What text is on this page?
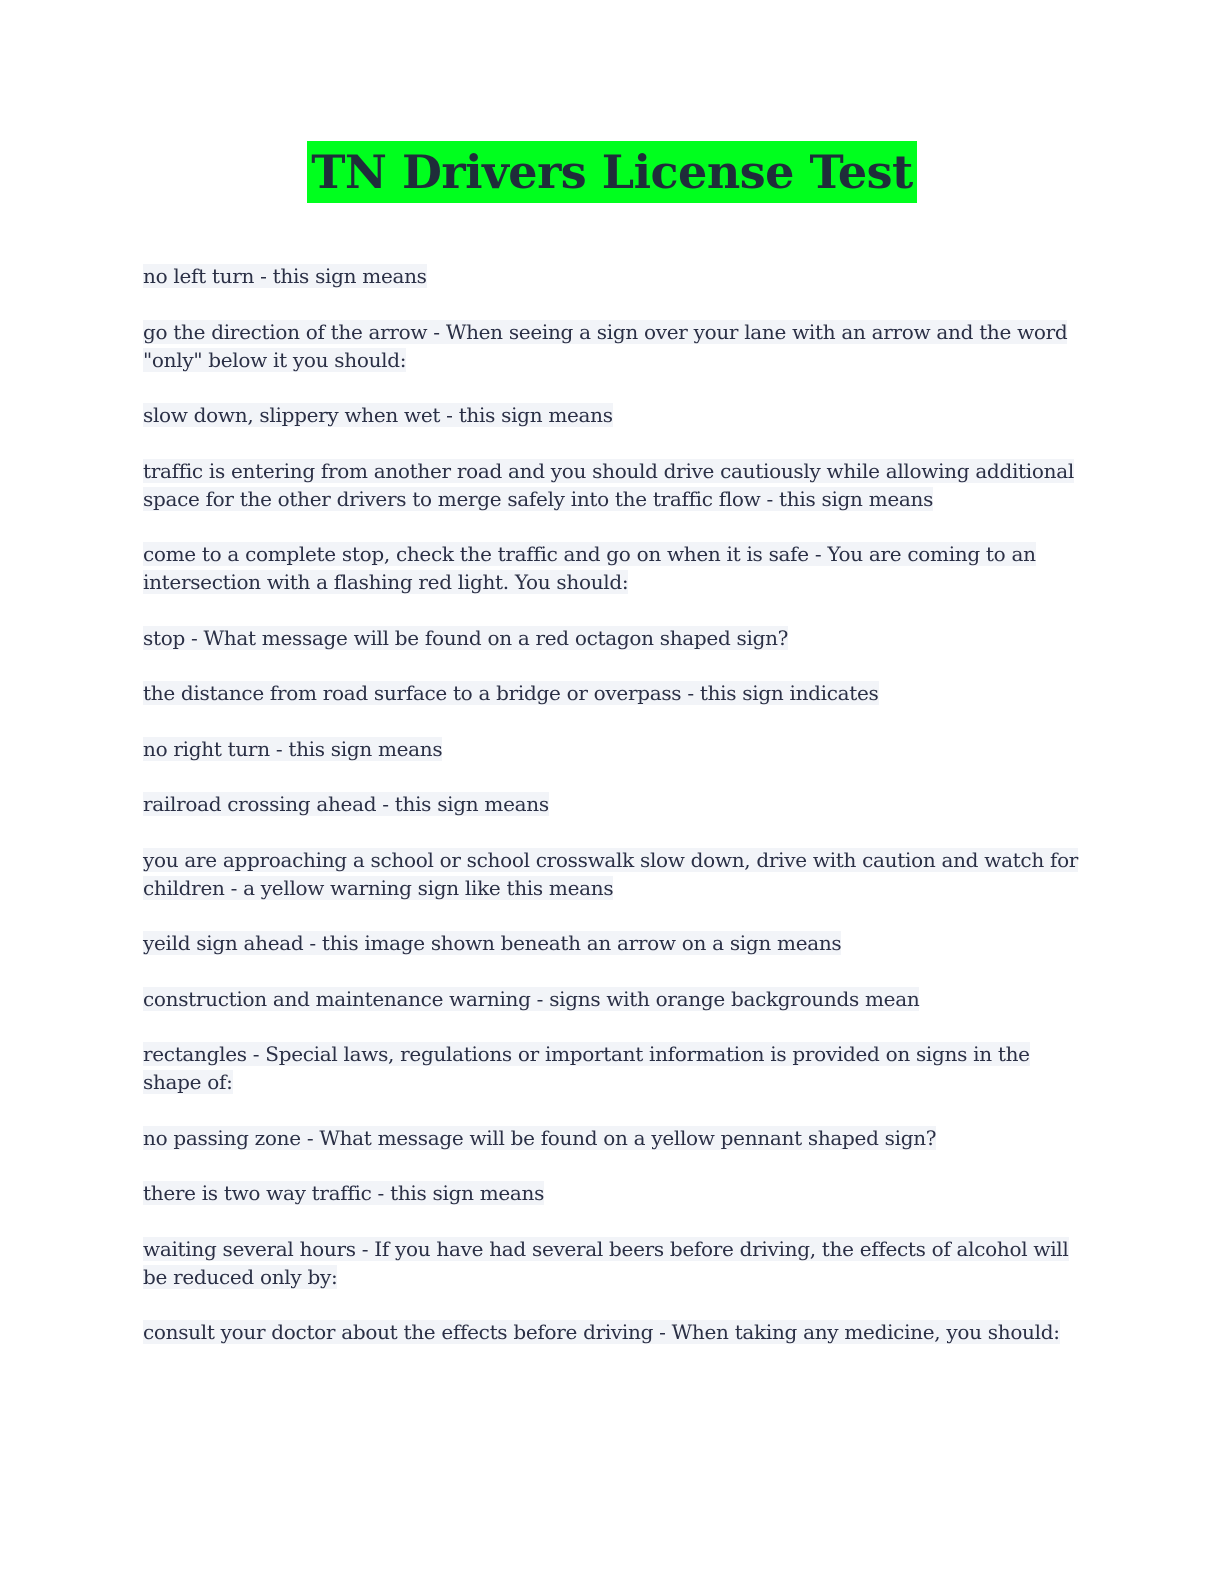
TN Drivers License Test

no left turn - this sign means

go the direction of the arrow - When seeing a sign over your lane with an arrow and the word "only" below it you should:

slow down, slippery when wet - this sign means

traffic is entering from another road and you should drive cautiously while allowing additional space for the other drivers to merge safely into the traffic flow - this sign means

come to a complete stop, check the traffic and go on when it is safe - You are coming to an intersection with a flashing red light. You should:

stop - What message will be found on a red octagon shaped sign?

the distance from road surface to a bridge or overpass - this sign indicates

no right turn - this sign means

railroad crossing ahead - this sign means

you are approaching a school or school crosswalk slow down, drive with caution and watch for children - a yellow warning sign like this means

yeild sign ahead - this image shown beneath an arrow on a sign means

construction and maintenance warning - signs with orange backgrounds mean

rectangles - Special laws, regulations or important information is provided on signs in the shape of:

no passing zone - What message will be found on a yellow pennant shaped sign?

there is two way traffic - this sign means

waiting several hours - If you have had several beers before driving, the effects of alcohol will be reduced only by:

consult your doctor about the effects before driving - When taking any medicine, you should:
